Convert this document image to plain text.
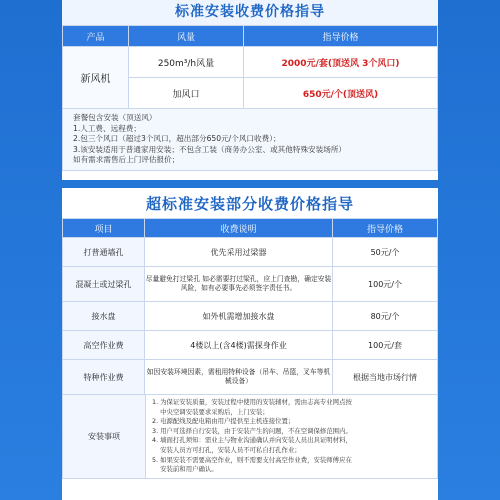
标准安装收费价格指导
产品	风量	指导价格
新风机	250m³/h风量	2000元/套(顶送风 3个风口)
	加风口	650元/个(顶送风)
套餐包含安装（顶送风）
1.人工费、远程费；
2.包三个风口（超过3个风口，超出部分650元/个风口收费）；
3.该安装适用于普通家用安装；不包含工装（商务办公室、或其他特殊安装场所）
如有需求需售后上门评估报价；
超标准安装部分收费价格指导
项目	收费说明	指导价格
打普通墙孔	优先采用过梁器	50元/个
混凝土或过梁孔	尽量避免打过梁孔 如必需要打过梁孔，应上门查勘，确定安装风险，如有必要事先必须签字责任书。	100元/个
接水盘	如外机需增加接水盘	80元/个
高空作业费	4楼以上(含4楼)需探身作业	100元/套
特种作业费	如因安装环境因素，需租用特种设备（吊车、吊篮，叉车等机械设备）	根据当地市场行情
安装事项
1. 为保证安装质量，安装过程中使用的安装辅材，需由志高专业网点按
中央空调安装要求采购后，上门安装；
2. 电源配线及配电箱由用户提供至主机连接位置；
3. 用户可选择自行安装，由于安装产生的问题，不在空调保修范围内。
4. 墙面打孔须知：需业主与物业沟通确认并向安装人员出具证明材料，
安装人员方可打孔，安装人员不可私自打孔作业；
5. 如果安装不需要高空作业，则不需要支付高空作业费，安装师傅应在
安装前和用户确认。
